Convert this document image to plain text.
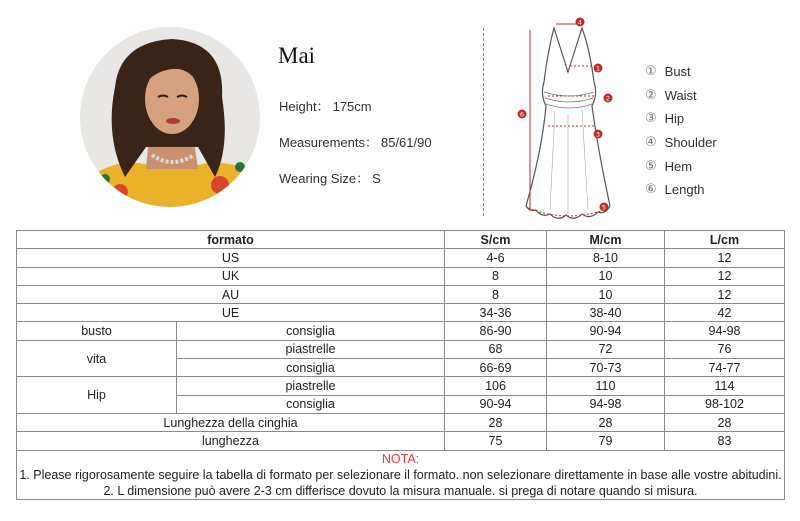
Mai
Height： 175cm
Measurements： 85/61/90
Wearing Size： S
4
1
2
3
6
5
① Bust
② Waist
③ Hip
④ Shoulder
⑤ Hem
⑥ Length
formato		S/cm	M/cm	L/cm
US		4-6	8-10	12
UK		8	10	12
AU		8	10	12
UE		34-36	38-40	42
busto	consiglia	86-90	90-94	94-98
vita	piastrelle	68	72	76
	consiglia	66-69	70-73	74-77
Hip	piastrelle	106	110	114
	consiglia	90-94	94-98	98-102
Lunghezza della cinghia		28	28	28
lunghezza		75	79	83

NOTA:
1. Please rigorosamente seguire la tabella di formato per selezionare il formato. non selezionare direttamente in base alle vostre abitudini.
2. L dimensione può avere 2-3 cm differisce dovuto la misura manuale. si prega di notare quando si misura.				
